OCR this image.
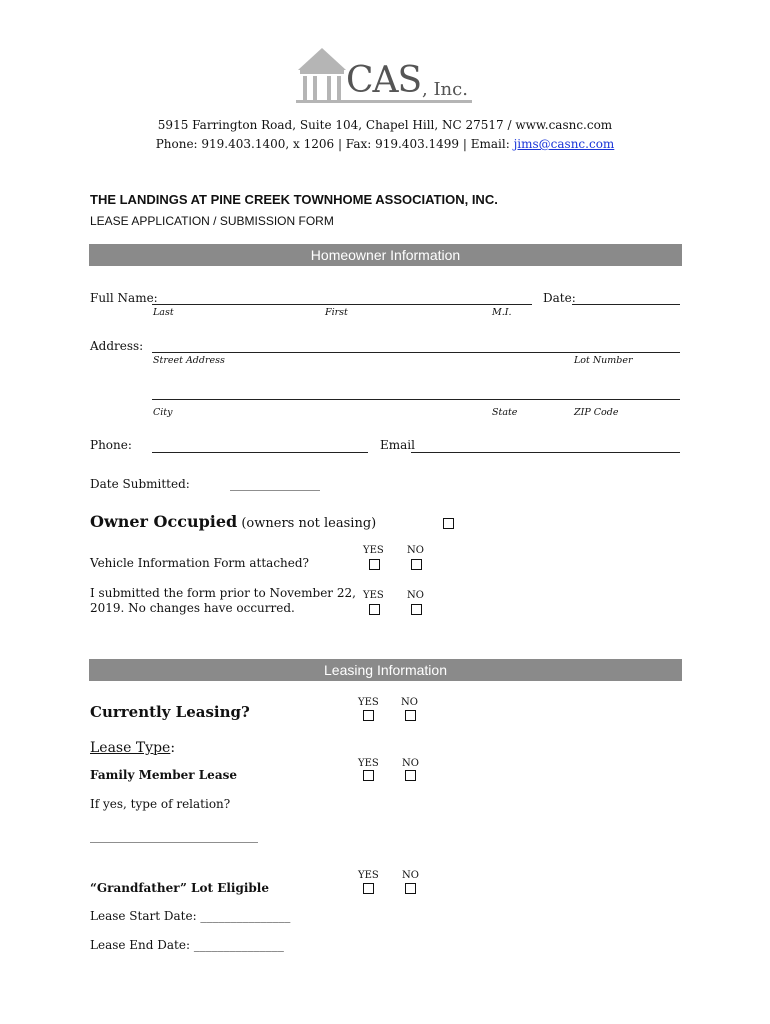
CAS , Inc.
5915 Farrington Road, Suite 104, Chapel Hill, NC 27517 / www.casnc.com
Phone: 919.403.1400, x 1206 | Fax: 919.403.1499 | Email: jims@casnc.com
THE LANDINGS AT PINE CREEK TOWNHOME ASSOCIATION, INC.
LEASE APPLICATION / SUBMISSION FORM
Homeowner Information
Full Name:	Date:
Last	First	M.I.
Address:
Street Address	Lot Number
City	State	ZIP Code
Phone:	Email
Date Submitted:	_______________
Owner Occupied (owners not leasing)
YES NO
Vehicle Information Form attached?
I submitted the form prior to November 22,
2019. No changes have occurred.
YES NO
Leasing Information
YES NO
Currently Leasing?
Lease Type:
YES NO
Family Member Lease
If yes, type of relation?
____________________________
YES NO
“Grandfather” Lot Eligible
Lease Start Date: _______________
Lease End Date: _______________
